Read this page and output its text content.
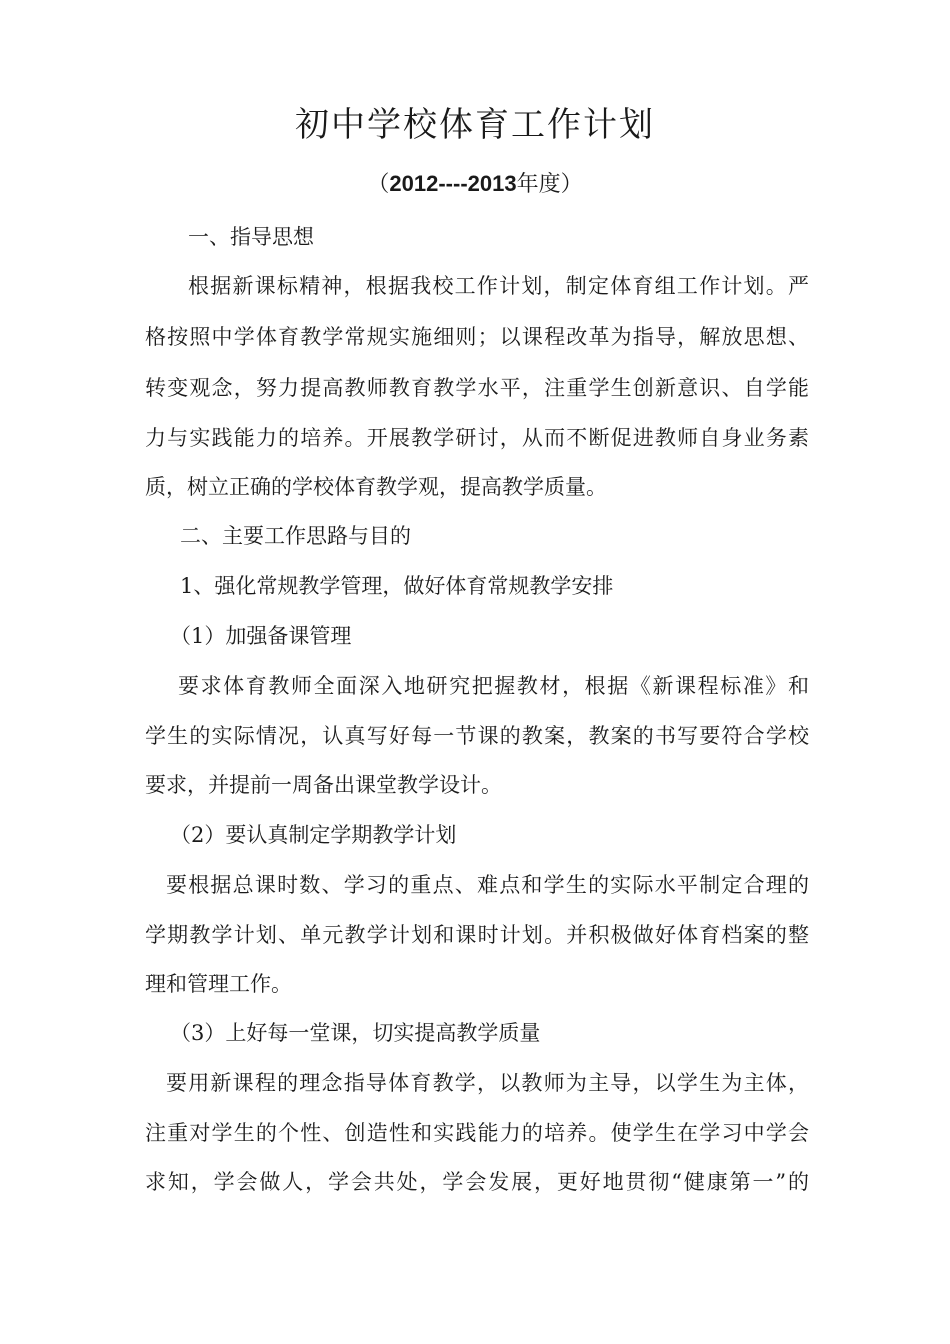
初中学校体育工作计划
（2012----2013年度）
一、指导思想
根据新课标精神，根据我校工作计划，制定体育组工作计划。严
格按照中学体育教学常规实施细则；以课程改革为指导，解放思想、
转变观念，努力提高教师教育教学水平，注重学生创新意识、自学能
力与实践能力的培养。开展教学研讨，从而不断促进教师自身业务素
质，树立正确的学校体育教学观，提高教学质量。
二、主要工作思路与目的
1、强化常规教学管理，做好体育常规教学安排
（1）加强备课管理
要求体育教师全面深入地研究把握教材，根据《新课程标准》和
学生的实际情况，认真写好每一节课的教案，教案的书写要符合学校
要求，并提前一周备出课堂教学设计。
（2）要认真制定学期教学计划
要根据总课时数、学习的重点、难点和学生的实际水平制定合理的
学期教学计划、单元教学计划和课时计划。并积极做好体育档案的整
理和管理工作。
（3）上好每一堂课，切实提高教学质量
要用新课程的理念指导体育教学，以教师为主导，以学生为主体，
注重对学生的个性、创造性和实践能力的培养。使学生在学习中学会
求知，学会做人，学会共处，学会发展，更好地贯彻“健康第一”的
